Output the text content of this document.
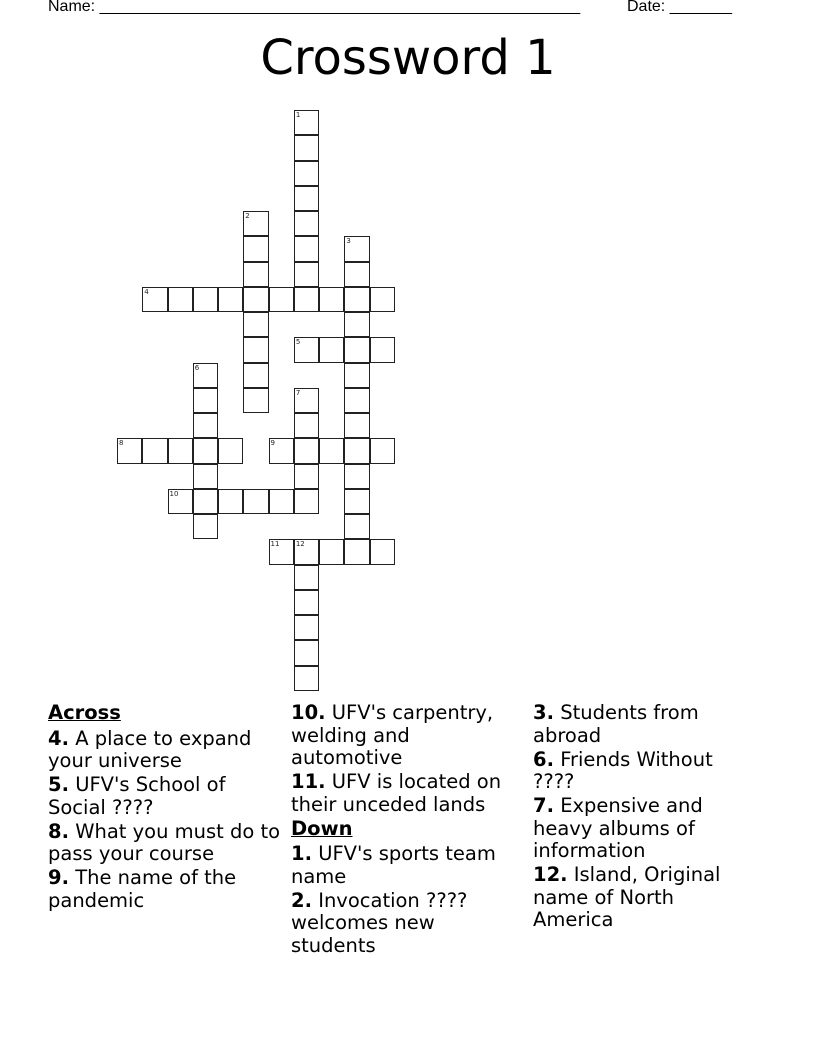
Name: ______________________________________________________	Date: _______
Crossword 1
1
2
3
4
5
6
7
8	9
10
11 12
Across
4. A place to expand your universe
5. UFV's School of Social ????
8. What you must do to pass your course
9. The name of the pandemic
10. UFV's carpentry, welding and automotive
11. UFV is located on their unceded lands
Down
1. UFV's sports team name
2. Invocation ???? welcomes new students
3. Students from abroad
6. Friends Without ????
7. Expensive and heavy albums of information
12. Island, Original name of North America
